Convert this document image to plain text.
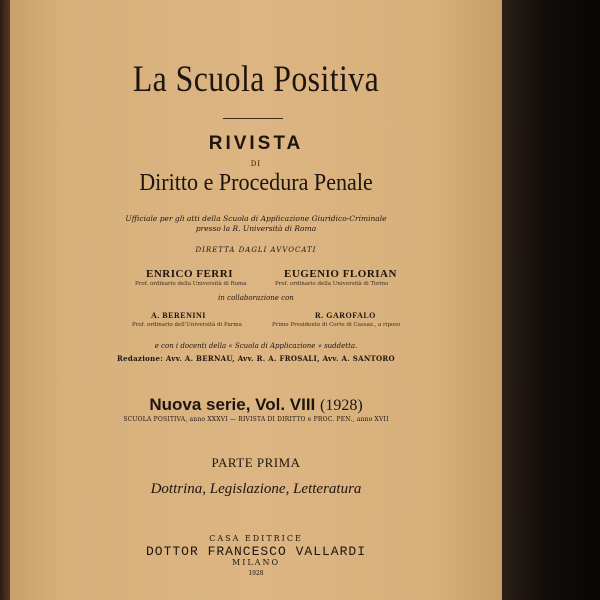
La Scuola Positiva
RIVISTA
DI
Diritto e Procedura Penale
Ufficiale per gli atti della Scuola di Applicazione Giuridico-Criminale
presso la R. Università di Roma
DIRETTA DAGLI AVVOCATI
ENRICO FERRI
Prof. ordinario della Università di Roma
EUGENIO FLORIAN
Prof. ordinario della Università di Torino
in collaborazione con
A. BERENINI
Prof. ordinario dell'Università di Parma
R. GAROFALO
Primo Presidente di Corte di Cassaz., a riposo
e con i docenti della « Scuola di Applicazione » suddetta.
Redazione: Avv. A. BERNAU, Avv. R. A. FROSALI, Avv. A. SANTORO
Nuova serie, Vol. VIII (1928)
SCUOLA POSITIVA, anno XXXVI — RIVISTA DI DIRITTO e PROC. PEN., anno XVII
PARTE PRIMA
Dottrina, Legislazione, Letteratura
CASA EDITRICE
DOTTOR FRANCESCO VALLARDI
MILANO
1928
